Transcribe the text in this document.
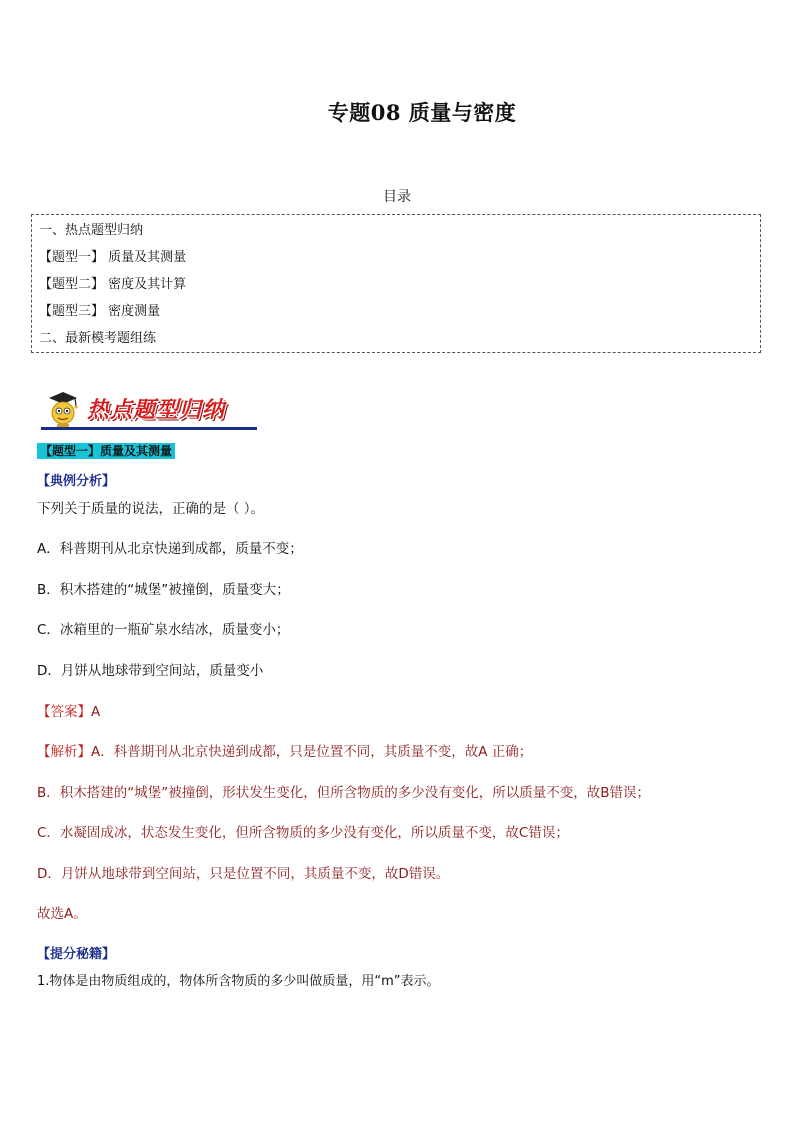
专题08 质量与密度
目录
一、热点题型归纳
【题型一】 质量及其测量
【题型二】 密度及其计算
【题型三】 密度测量
二、最新模考题组练
热点题型归纳
【题型一】质量及其测量
【典例分析】
下列关于质量的说法，正确的是（ ）。
A．科普期刊从北京快递到成都，质量不变；
B．积木搭建的“城堡”被撞倒，质量变大；
C．冰箱里的一瓶矿泉水结冰，质量变小；
D．月饼从地球带到空间站，质量变小
【答案】A
【解析】A．科普期刊从北京快递到成都，只是位置不同，其质量不变，故A 正确；
B．积木搭建的“城堡”被撞倒，形状发生变化，但所含物质的多少没有变化，所以质量不变，故B错误；
C．水凝固成冰，状态发生变化，但所含物质的多少没有变化，所以质量不变，故C错误；
D．月饼从地球带到空间站，只是位置不同，其质量不变，故D错误。
故选A。
【提分秘籍】
1.物体是由物质组成的，物体所含物质的多少叫做质量，用“m”表示。
